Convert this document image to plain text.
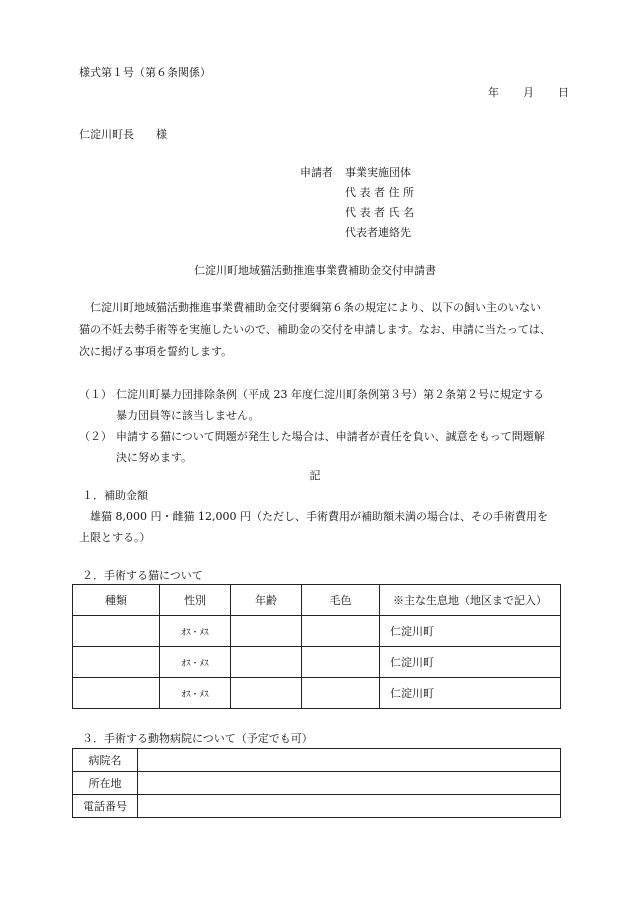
様式第１号（第６条関係）
年 月 日
仁淀川町長　　様
申請者 事業実施団体
代 表 者 住 所
代 表 者 氏 名
代表者連絡先
仁淀川町地域猫活動推進事業費補助金交付申請書
仁淀川町地域猫活動推進事業費補助金交付要綱第６条の規定により、以下の飼い主のいない
猫の不妊去勢手術等を実施したいので、補助金の交付を申請します。なお、申請に当たっては、
次に掲げる事項を誓約します。
（１） 仁淀川町暴力団排除条例（平成 23 年度仁淀川町条例第３号）第２条第２号に規定する
暴力団員等に該当しません。
（２） 申請する猫について問題が発生した場合は、申請者が責任を負い、誠意をもって問題解
決に努めます。
記
１．補助金額
雄猫 8,000 円・雌猫 12,000 円（ただし、手術費用が補助額未満の場合は、その手術費用を
上限とする。）
２．手術する猫について
種類	性別	年齢	毛色	※主な生息地（地区まで記入）
	ｵｽ・ﾒｽ			仁淀川町
	ｵｽ・ﾒｽ			仁淀川町
	ｵｽ・ﾒｽ			仁淀川町
３．手術する動物病院について（予定でも可）
病院名	
所在地	
電話番号	
